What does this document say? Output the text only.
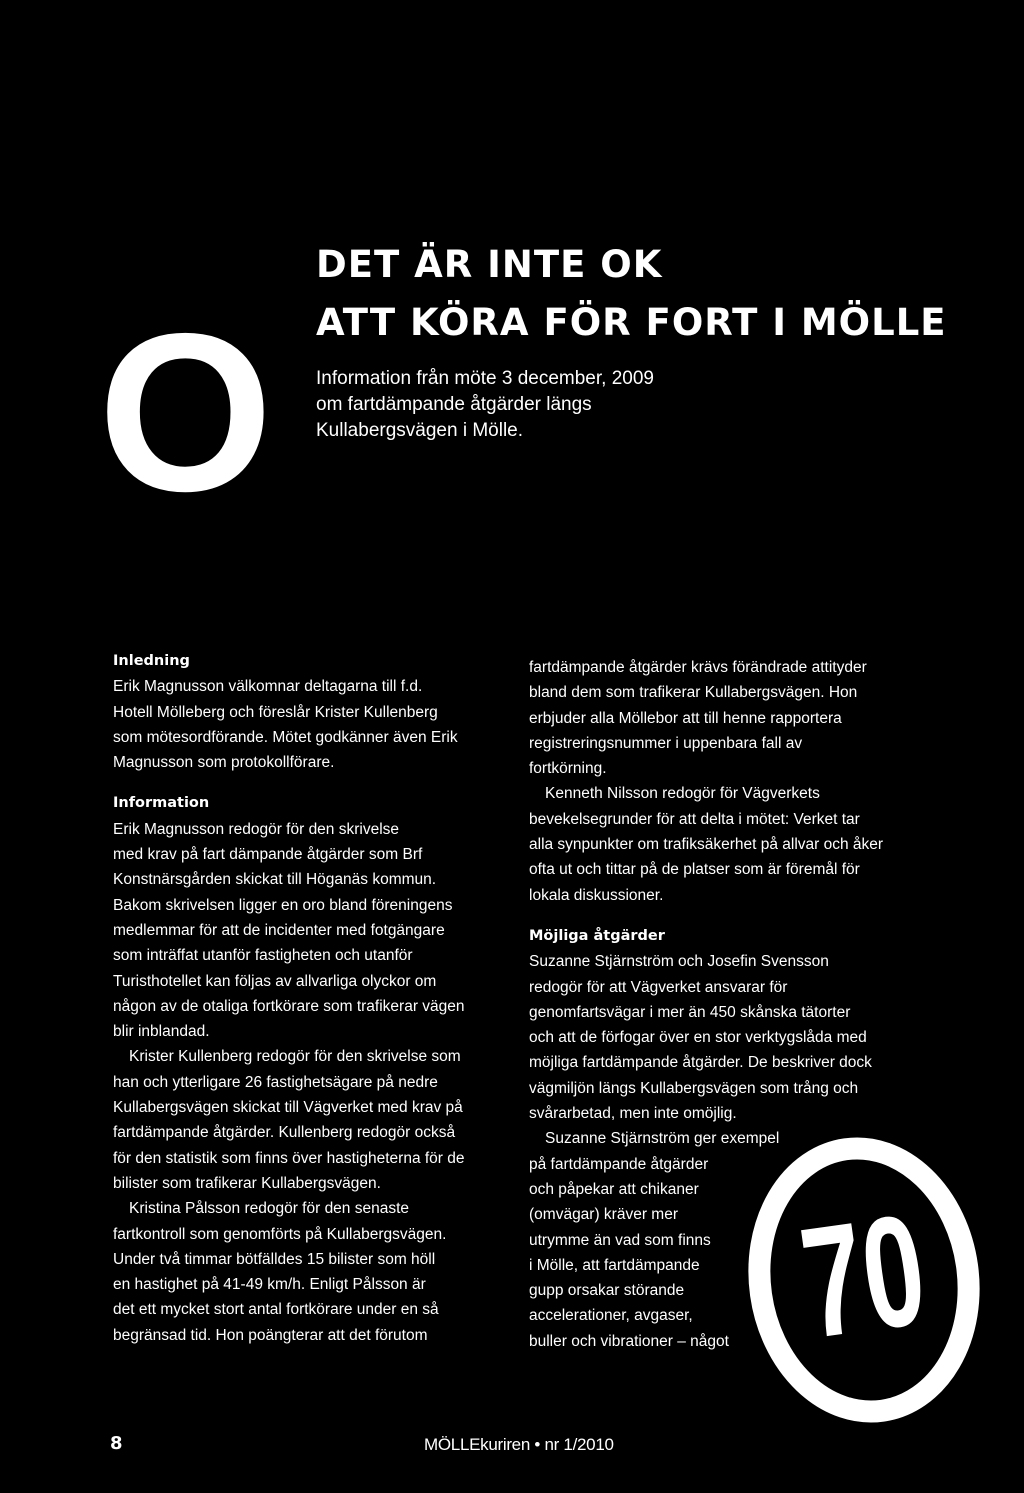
O
DET ÄR INTE OK
ATT KÖRA FÖR FORT I MÖLLE
Information från möte 3 december, 2009
om fartdämpande åtgärder längs
Kullabergsvägen i Mölle.
Inledning
Erik Magnusson välkomnar deltagarna till f.d.
Hotell Mölleberg och föreslår Krister Kullenberg
som mötesordförande. Mötet godkänner även Erik
Magnusson som protokollförare.
Information
Erik Magnusson redogör för den skrivelse
med krav på fart dämpande åtgärder som Brf
Konstnärsgården skickat till Höganäs kommun.
Bakom skrivelsen ligger en oro bland föreningens
medlemmar för att de incidenter med fotgängare
som inträffat utanför fastigheten och utanför
Turisthotellet kan följas av allvarliga olyckor om
någon av de otaliga fortkörare som trafikerar vägen
blir inblandad.
Krister Kullenberg redogör för den skrivelse som
han och ytterligare 26 fastighetsägare på nedre
Kullabergsvägen skickat till Vägverket med krav på
fartdämpande åtgärder. Kullenberg redogör också
för den statistik som finns över hastigheterna för de
bilister som trafikerar Kullabergsvägen.
Kristina Pålsson redogör för den senaste
fartkontroll som genomförts på Kullabergsvägen.
Under två timmar bötfälldes 15 bilister som höll
en hastighet på 41-49 km/h. Enligt Pålsson är
det ett mycket stort antal fortkörare under en så
begränsad tid. Hon poängterar att det förutom
fartdämpande åtgärder krävs förändrade attityder
bland dem som trafikerar Kullabergsvägen. Hon
erbjuder alla Möllebor att till henne rapportera
registreringsnummer i uppenbara fall av
fortkörning.
Kenneth Nilsson redogör för Vägverkets
bevekelsegrunder för att delta i mötet: Verket tar
alla synpunkter om trafiksäkerhet på allvar och åker
ofta ut och tittar på de platser som är föremål för
lokala diskussioner.
Möjliga åtgärder
Suzanne Stjärnström och Josefin Svensson
redogör för att Vägverket ansvarar för
genomfartsvägar i mer än 450 skånska tätorter
och att de förfogar över en stor verktygslåda med
möjliga fartdämpande åtgärder. De beskriver dock
vägmiljön längs Kullabergsvägen som trång och
svårarbetad, men inte omöjlig.
Suzanne Stjärnström ger exempel
på fartdämpande åtgärder
och påpekar att chikaner
(omvägar) kräver mer
utrymme än vad som finns
i Mölle, att fartdämpande
gupp orsakar störande
accelerationer, avgaser,
buller och vibrationer – något 70
8	MÖLLEkuriren • nr 1/2010
